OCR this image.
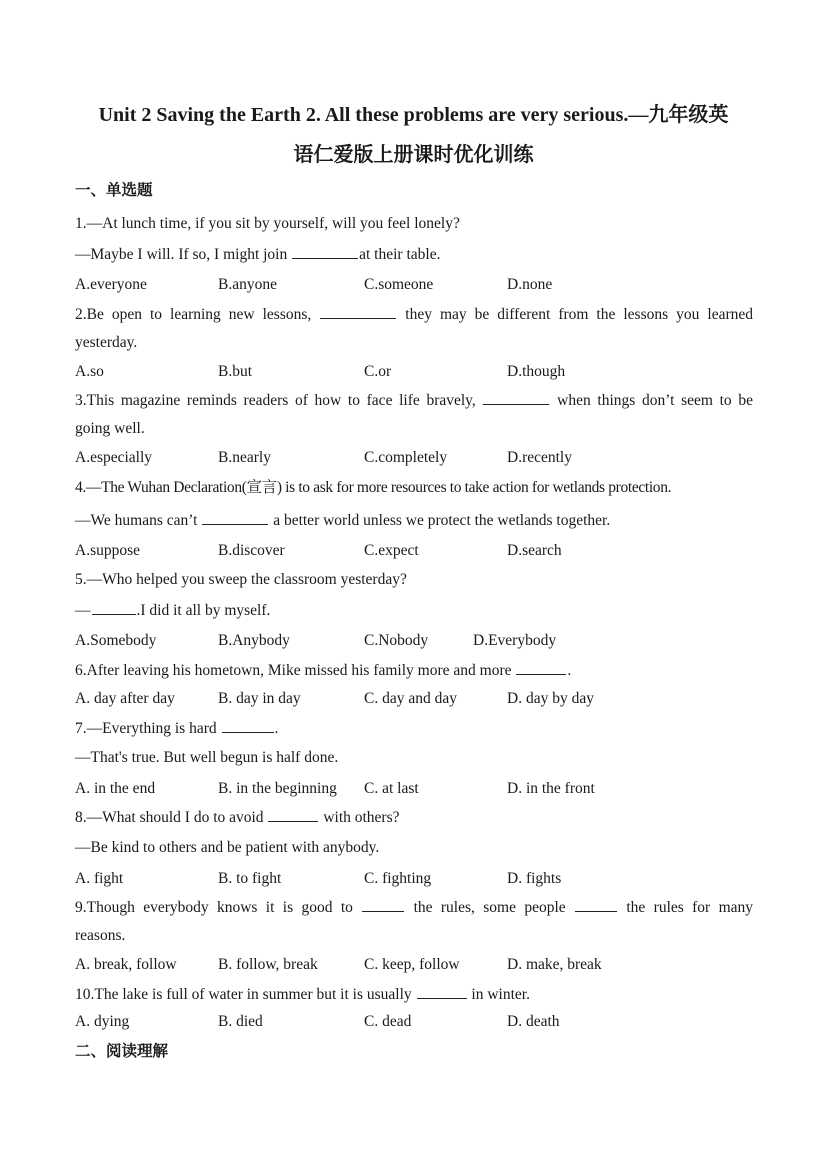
Unit 2 Saving the Earth 2. All these problems are very serious.—九年级英
语仁爱版上册课时优化训练
一、单选题
1.—At lunch time, if you sit by yourself, will you feel lonely?
—Maybe I will. If so, I might join	at their table.
A.everyone	B.anyone	C.someone	D.none
2.Be open to learning new lessons,	they may be different from the lessons you learned
yesterday.
A.so	B.but	C.or	D.though
3.This magazine reminds readers of how to face life bravely,	when things don’t seem to be
going well.
A.especially	B.nearly	C.completely	D.recently
4.—The Wuhan Declaration(宣言) is to ask for more resources to take action for wetlands protection.
—We humans can’t	a better world unless we protect the wetlands together.
A.suppose	B.discover	C.expect	D.search
5.—Who helped you sweep the classroom yesterday?
—	.I did it all by myself.
A.Somebody	B.Anybody	C.Nobody	D.Everybody
6.After leaving his hometown, Mike missed his family more and more	.
A. day after day	B. day in day	C. day and day	D. day by day
7.—Everything is hard	.
—That's true. But well begun is half done.
A. in the end	B. in the beginning C. at last	D. in the front
8.—What should I do to avoid	with others?
—Be kind to others and be patient with anybody.
A. fight	B. to fight	C. fighting	D. fights
9.Though everybody knows it is good to	the rules, some people	the rules for many
reasons.
A. break, follow	B. follow, break	C. keep, follow	D. make, break
10.The lake is full of water in summer but it is usually	in winter.
A. dying	B. died	C. dead	D. death
二、阅读理解
